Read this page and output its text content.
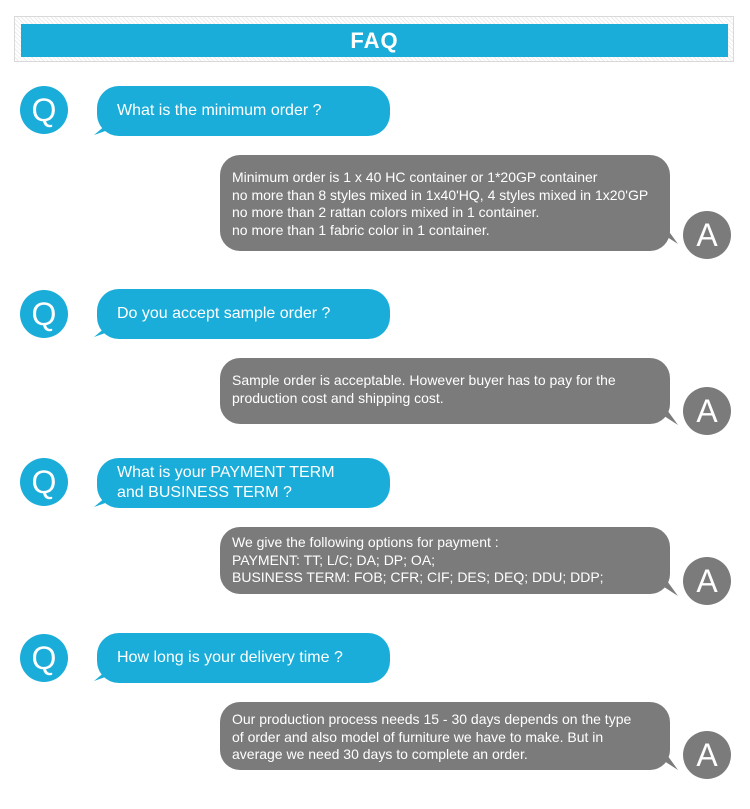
FAQ
Q	What is the minimum order ?
Minimum order is 1 x 40 HC container or 1*20GP container
no more than 8 styles mixed in 1x40'HQ, 4 styles mixed in 1x20'GP
no more than 2 rattan colors mixed in 1 container.
no more than 1 fabric color in 1 container.	A
Q	Do you accept sample order ?
Sample order is acceptable. However buyer has to pay for the
production cost and shipping cost.	A
Q	What is your PAYMENT TERM
and BUSINESS TERM ?
We give the following options for payment :
PAYMENT: TT; L/C; DA; DP; OA;
BUSINESS TERM: FOB; CFR; CIF; DES; DEQ; DDU; DDP;	A
Q	How long is your delivery time ?
Our production process needs 15 - 30 days depends on the type
of order and also model of furniture we have to make. But in
average we need 30 days to complete an order.	A
